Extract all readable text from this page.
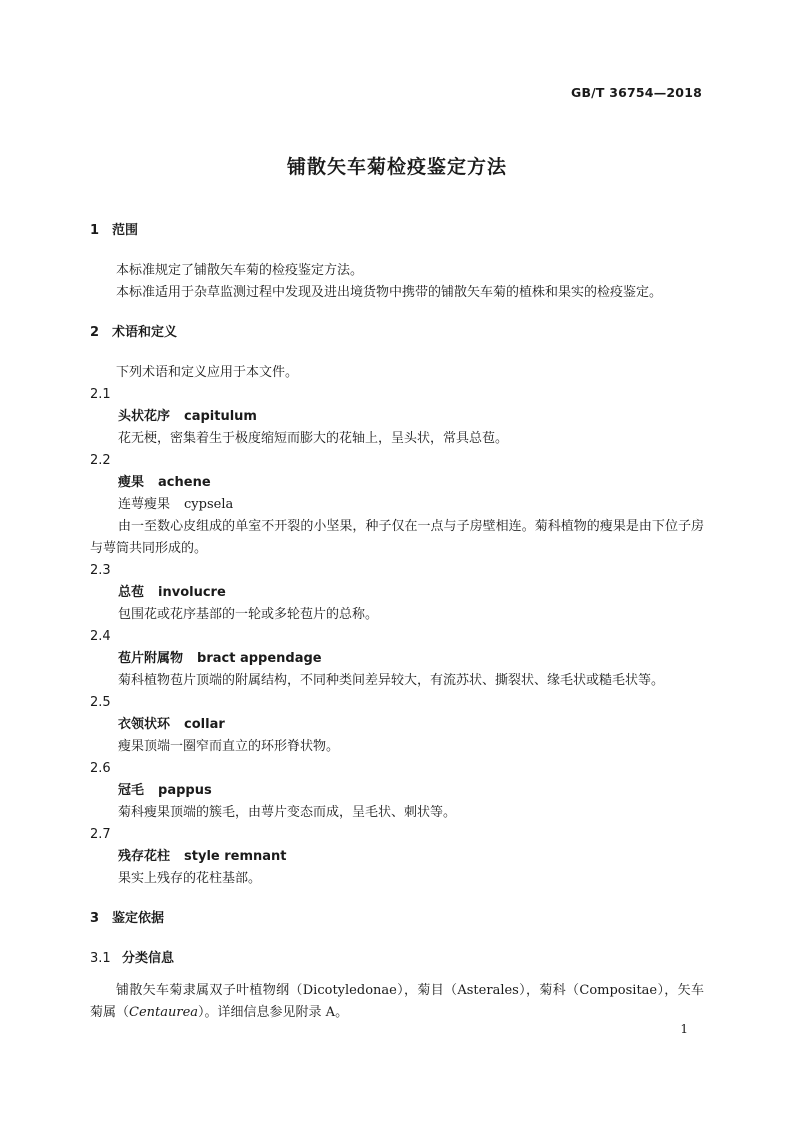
GB/T 36754—2018
铺散矢车菊检疫鉴定方法

1 范围

本标准规定了铺散矢车菊的检疫鉴定方法。

本标准适用于杂草监测过程中发现及进出境货物中携带的铺散矢车菊的植株和果实的检疫鉴定。

2 术语和定义

下列术语和定义应用于本文件。

2.1

头状花序 capitulum

花无梗，密集着生于极度缩短而膨大的花轴上，呈头状，常具总苞。

2.2

瘦果 achene

连萼瘦果 cypsela

由一至数心皮组成的单室不开裂的小坚果，种子仅在一点与子房壁相连。菊科植物的瘦果是由下位子房与萼筒共同形成的。

2.3

总苞 involucre

包围花或花序基部的一轮或多轮苞片的总称。

2.4

苞片附属物 bract appendage

菊科植物苞片顶端的附属结构，不同种类间差异较大，有流苏状、撕裂状、缘毛状或糙毛状等。

2.5

衣领状环 collar

瘦果顶端一圈窄而直立的环形脊状物。

2.6

冠毛 pappus

菊科瘦果顶端的簇毛，由萼片变态而成，呈毛状、刺状等。

2.7

残存花柱 style remnant

果实上残存的花柱基部。

3 鉴定依据

3.1 分类信息

铺散矢车菊隶属双子叶植物纲（Dicotyledonae），菊目（Asterales），菊科（Compositae），矢车菊属（Centaurea）。详细信息参见附录 A。

1
